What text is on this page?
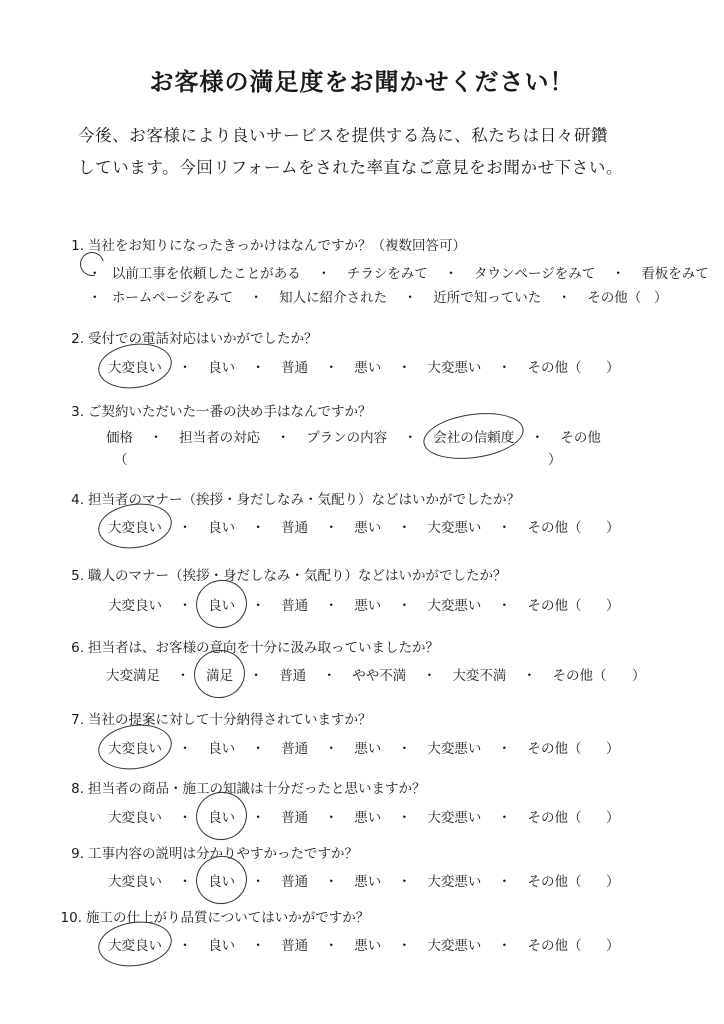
お客様の満足度をお聞かせください！
今後、お客様により良いサービスを提供する為に、私たちは日々研鑽
しています。今回リフォームをされた率直なご意見をお聞かせ下さい。
1. 当社をお知りになったきっかけはなんですか？（複数回答可）
・ 以前工事を依頼したことがある ・ チラシをみて ・ タウンページをみて ・ 看板をみて
・ ホームページをみて ・ 知人に紹介された ・ 近所で知っていた ・ その他（ ）
2. 受付での電話対応はいかがでしたか？
大変良い ・ 良い ・ 普通 ・ 悪い ・ 大変悪い ・ その他（ ）
3. ご契約いただいた一番の決め手はなんですか？
価格 ・ 担当者の対応 ・ プランの内容 ・ 会社の信頼度 ・ その他
（	）
4. 担当者のマナー（挨拶・身だしなみ・気配り）などはいかがでしたか？
大変良い ・ 良い ・ 普通 ・ 悪い ・ 大変悪い ・ その他（ ）
5. 職人のマナー（挨拶・身だしなみ・気配り）などはいかがでしたか？
大変良い ・ 良い ・ 普通 ・ 悪い ・ 大変悪い ・ その他（ ）
6. 担当者は、お客様の意向を十分に汲み取っていましたか？
大変満足 ・ 満足 ・ 普通 ・ やや不満 ・ 大変不満 ・ その他（ ）
7. 当社の提案に対して十分納得されていますか？
大変良い ・ 良い ・ 普通 ・ 悪い ・ 大変悪い ・ その他（ ）
8. 担当者の商品・施工の知識は十分だったと思いますか？
大変良い ・ 良い ・ 普通 ・ 悪い ・ 大変悪い ・ その他（ ）
9. 工事内容の説明は分かりやすかったですか？
大変良い ・ 良い ・ 普通 ・ 悪い ・ 大変悪い ・ その他（ ）
10. 施工の仕上がり品質についてはいかがですか？
大変良い ・ 良い ・ 普通 ・ 悪い ・ 大変悪い ・ その他（ ）
